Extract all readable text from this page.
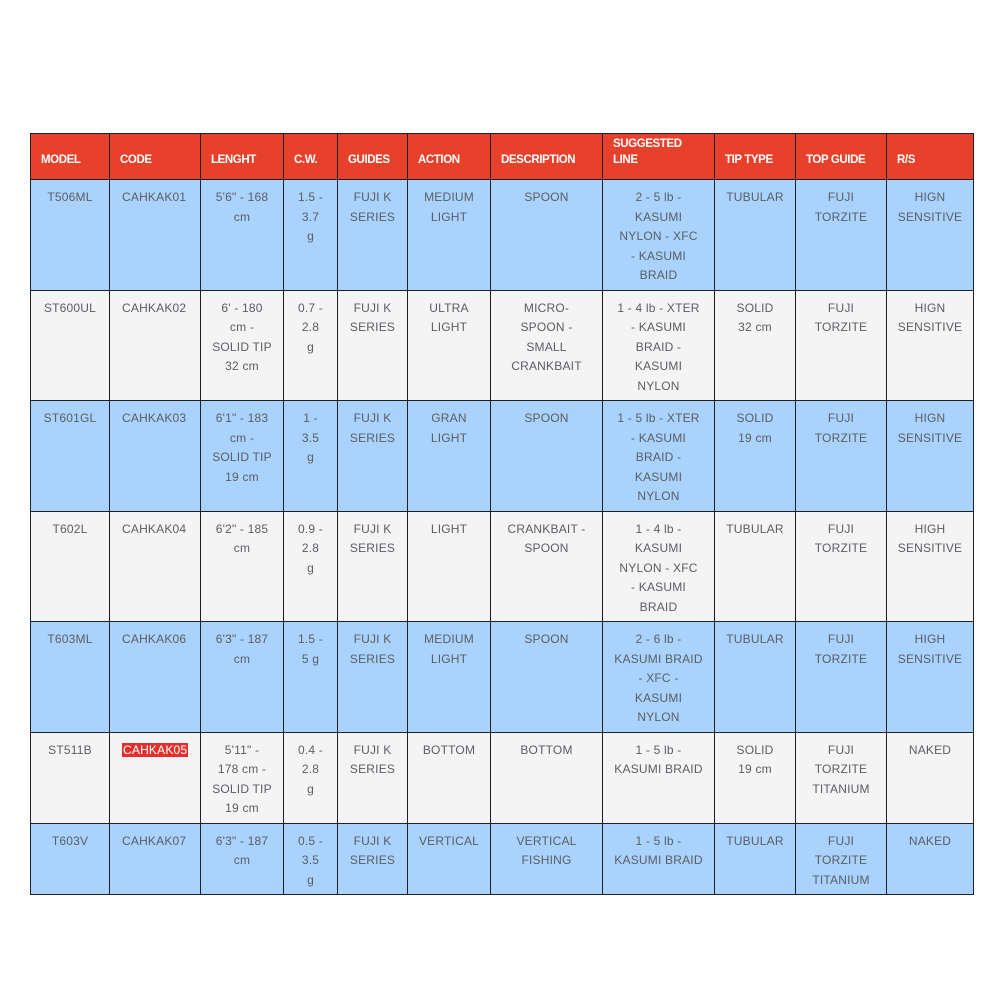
MODEL	CODE	LENGHT	C.W.	GUIDES	ACTION	DESCRIPTION	SUGGESTED
LINE	TIP TYPE	TOP GUIDE	R/S
T506ML	CAHKAK01	5'6" - 168
cm	1.5 -
3.7
g	FUJI K
SERIES	MEDIUM
LIGHT	SPOON	2 - 5 lb -
KASUMI
NYLON - XFC
- KASUMI
BRAID	TUBULAR	FUJI
TORZITE	HIGN
SENSITIVE
ST600UL	CAHKAK02	6' - 180
cm -
SOLID TIP
32 cm	0.7 -
2.8
g	FUJI K
SERIES	ULTRA
LIGHT	MICRO-
SPOON -
SMALL
CRANKBAIT	1 - 4 lb - XTER
- KASUMI
BRAID -
KASUMI
NYLON	SOLID
32 cm	FUJI
TORZITE	HIGN
SENSITIVE
ST601GL	CAHKAK03	6'1" - 183
cm -
SOLID TIP
19 cm	1 -
3.5
g	FUJI K
SERIES	GRAN
LIGHT	SPOON	1 - 5 lb - XTER
- KASUMI
BRAID -
KASUMI
NYLON	SOLID
19 cm	FUJI
TORZITE	HIGN
SENSITIVE
T602L	CAHKAK04	6'2" - 185
cm	0.9 -
2.8
g	FUJI K
SERIES	LIGHT	CRANKBAIT -
SPOON	1 - 4 lb -
KASUMI
NYLON - XFC
- KASUMI
BRAID	TUBULAR	FUJI
TORZITE	HIGH
SENSITIVE
T603ML	CAHKAK06	6'3" - 187
cm	1.5 -
5 g	FUJI K
SERIES	MEDIUM
LIGHT	SPOON	2 - 6 lb -
KASUMI BRAID
- XFC -
KASUMI
NYLON	TUBULAR	FUJI
TORZITE	HIGH
SENSITIVE
ST511B	CAHKAK05	5'11" -
178 cm -
SOLID TIP
19 cm	0.4 -
2.8
g	FUJI K
SERIES	BOTTOM	BOTTOM	1 - 5 lb -
KASUMI BRAID	SOLID
19 cm	FUJI
TORZITE
TITANIUM	NAKED
T603V	CAHKAK07	6'3" - 187
cm	0.5 -
3.5
g	FUJI K
SERIES	VERTICAL	VERTICAL
FISHING	1 - 5 lb -
KASUMI BRAID	TUBULAR	FUJI
TORZITE
TITANIUM	NAKED
